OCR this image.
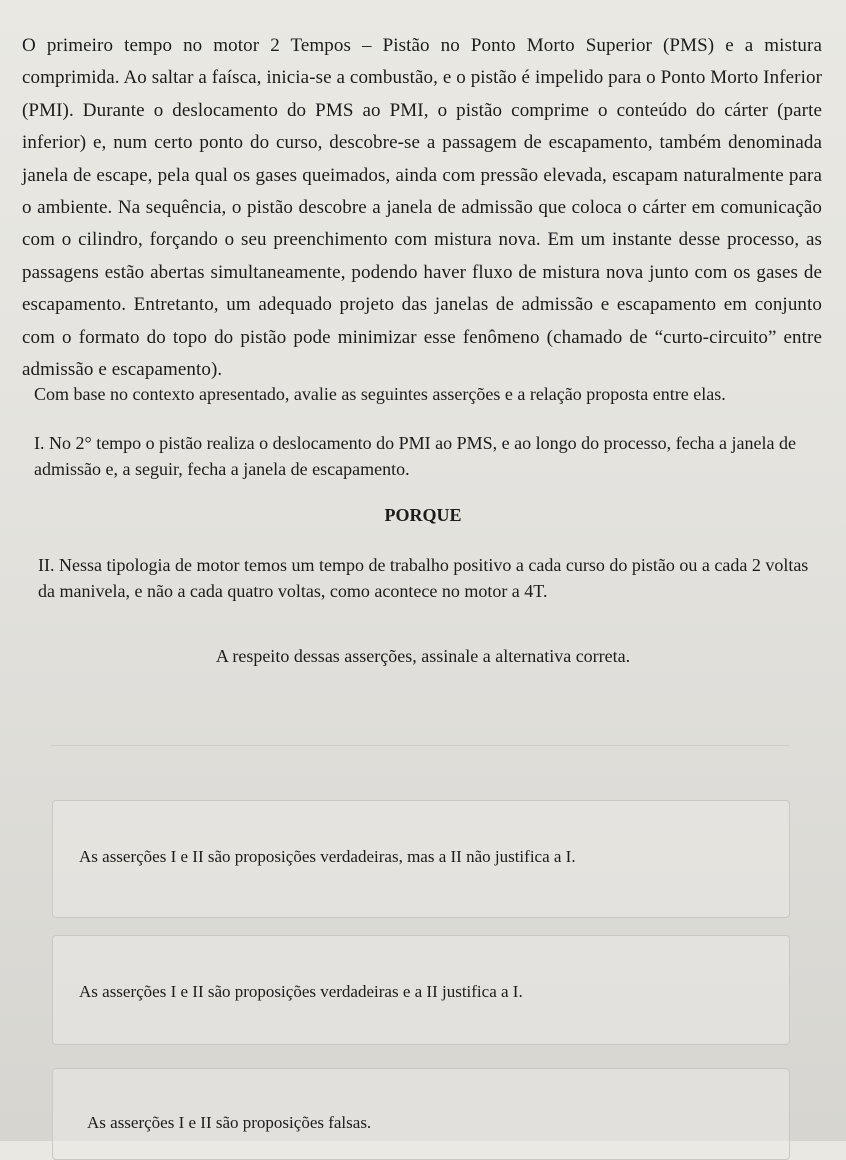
O primeiro tempo no motor 2 Tempos – Pistão no Ponto Morto Superior (PMS) e a mistura comprimida. Ao saltar a faísca, inicia-se a combustão, e o pistão é impelido para o Ponto Morto Inferior (PMI). Durante o deslocamento do PMS ao PMI, o pistão comprime o conteúdo do cárter (parte inferior) e, num certo ponto do curso, descobre-se a passagem de escapamento, também denominada janela de escape, pela qual os gases queimados, ainda com pressão elevada, escapam naturalmente para o ambiente. Na sequência, o pistão descobre a janela de admissão que coloca o cárter em comunicação com o cilindro, forçando o seu preenchimento com mistura nova. Em um instante desse processo, as passagens estão abertas simultaneamente, podendo haver fluxo de mistura nova junto com os gases de escapamento. Entretanto, um adequado projeto das janelas de admissão e escapamento em conjunto com o formato do topo do pistão pode minimizar esse fenômeno (chamado de “curto-circuito” entre admissão e escapamento).

Com base no contexto apresentado, avalie as seguintes asserções e a relação proposta entre elas.

I. No 2° tempo o pistão realiza o deslocamento do PMI ao PMS, e ao longo do processo, fecha a janela de admissão e, a seguir, fecha a janela de escapamento.

PORQUE

II. Nessa tipologia de motor temos um tempo de trabalho positivo a cada curso do pistão ou a cada 2 voltas da manivela, e não a cada quatro voltas, como acontece no motor a 4T.

A respeito dessas asserções, assinale a alternativa correta.

As asserções I e II são proposições verdadeiras, mas a II não justifica a I.
As asserções I e II são proposições verdadeiras e a II justifica a I.
As asserções I e II são proposições falsas.
